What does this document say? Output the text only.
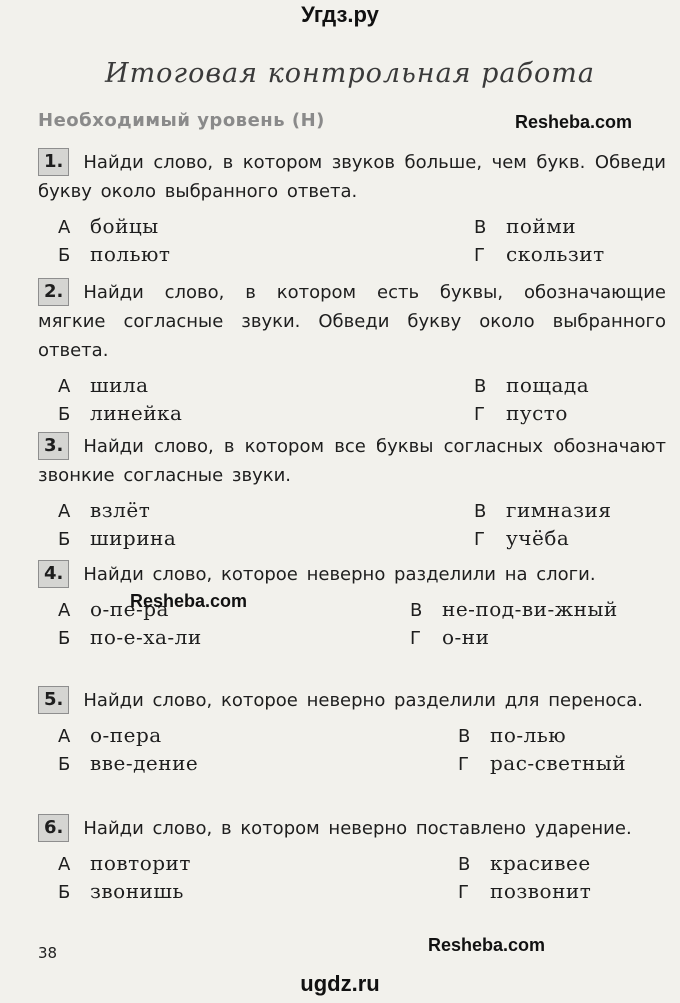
Угдз.ру
Итоговая контрольная работа
Необходимый уровень (Н)	Resheba.com

1. Найди слово, в котором звуков больше, чем букв. Обведи букву около выбранного ответа.

А бойцы
Б польют
В пойми
Г скользит

2. Найди слово, в котором есть буквы, обозначающие мягкие согласные звуки. Обведи букву около выбранного ответа.

А шила
Б линейка
В пощада
Г пусто

3. Найди слово, в котором все буквы согласных обозначают звонкие согласные звуки.

А взлёт
Б ширина
В гимназия
Г учёба

4. Найди слово, которое неверно разделили на слоги.

А о-пе-ра
Б по-е-ха-ли
В не-под-ви-жный
Г о-ни
Resheba.com

5. Найди слово, которое неверно разделили для переноса.

А о-пера
Б вве-дение
В по-лью
Г рас-светный

6. Найди слово, в котором неверно поставлено ударение.

А повторит
Б звонишь
В красивее
Г позвонит
38	Resheba.com
ugdz.ru
